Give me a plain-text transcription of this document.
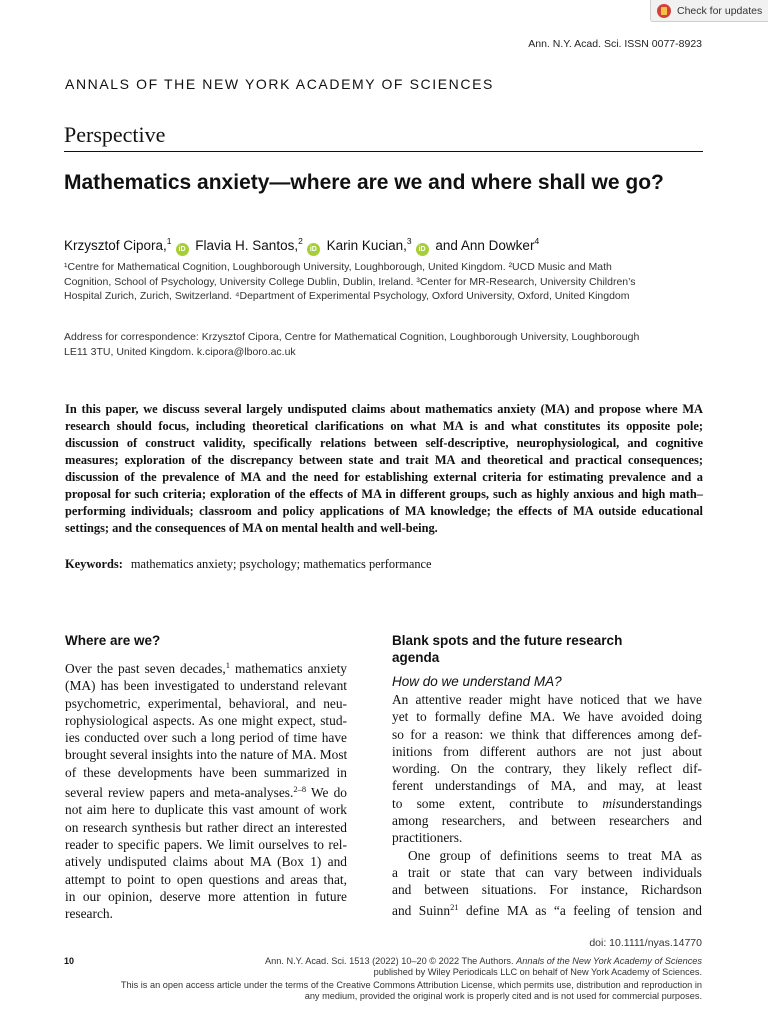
Check for updates
Ann. N.Y. Acad. Sci. ISSN 0077-8923
ANNALS OF THE NEW YORK ACADEMY OF SCIENCES
Perspective
Mathematics anxiety—where are we and where shall we go?
Krzysztof Cipora,$^1$iD Flavia H. Santos,$^2$iD Karin Kucian,$^3$iD and Ann Dowker$^4$

¹Centre for Mathematical Cognition, Loughborough University, Loughborough, United Kingdom. ²UCD Music and Math

Cognition, School of Psychology, University College Dublin, Dublin, Ireland. ³Center for MR-Research, University Children’s

Hospital Zurich, Zurich, Switzerland. ⁴Department of Experimental Psychology, Oxford University, Oxford, United Kingdom

Address for correspondence: Krzysztof Cipora, Centre for Mathematical Cognition, Loughborough University, Loughborough

LE11 3TU, United Kingdom. k.cipora@lboro.ac.uk

In this paper, we discuss several largely undisputed claims about mathematics anxiety (MA) and propose where MA

research should focus, including theoretical clarifications on what MA is and what constitutes its opposite pole;

discussion of construct validity, specifically relations between self-descriptive, neurophysiological, and cognitive

measures; exploration of the discrepancy between state and trait MA and theoretical and practical consequences;

discussion of the prevalence of MA and the need for establishing external criteria for estimating prevalence and a

proposal for such criteria; exploration of the effects of MA in different groups, such as highly anxious and high math–

performing individuals; classroom and policy applications of MA knowledge; the effects of MA outside educational

settings; and the consequences of MA on mental health and well-being.

Keywords: mathematics anxiety; psychology; mathematics performance
Where are we?
Over the past seven decades,$^1$ mathematics anxiety
(MA) has been investigated to understand relevant
psychometric, experimental, behavioral, and neu-
rophysiological aspects. As one might expect, stud-
ies conducted over such a long period of time have
brought several insights into the nature of MA. Most
of these developments have been summarized in
several review papers and meta-analyses.$^{2-8}$ We do
not aim here to duplicate this vast amount of work
on research synthesis but rather direct an interested
reader to specific papers. We limit ourselves to rel-
atively undisputed claims about MA (Box 1) and
attempt to point to open questions and areas that,
in our opinion, deserve more attention in future
research.
Blank spots and the future research
agenda
How do we understand MA?
An attentive reader might have noticed that we have
yet to formally define MA. We have avoided doing
so for a reason: we think that differences among def-
initions from different authors are not just about
wording. On the contrary, they likely reflect dif-
ferent understandings of MA, and may, at least
to some extent, contribute to misunderstandings
among researchers, and between researchers and
practitioners.
One group of definitions seems to treat MA as
a trait or state that can vary between individuals
and between situations. For instance, Richardson
and Suinn$^{21}$ define MA as “a feeling of tension and
doi: 10.1111/nyas.14770
10	Ann. N.Y. Acad. Sci. 1513 (2022) 10–20 © 2022 The Authors. Annals of the New York Academy of Sciences

published by Wiley Periodicals LLC on behalf of New York Academy of Sciences.

This is an open access article under the terms of the Creative Commons Attribution License, which permits use, distribution and reproduction in

any medium, provided the original work is properly cited and is not used for commercial purposes.
